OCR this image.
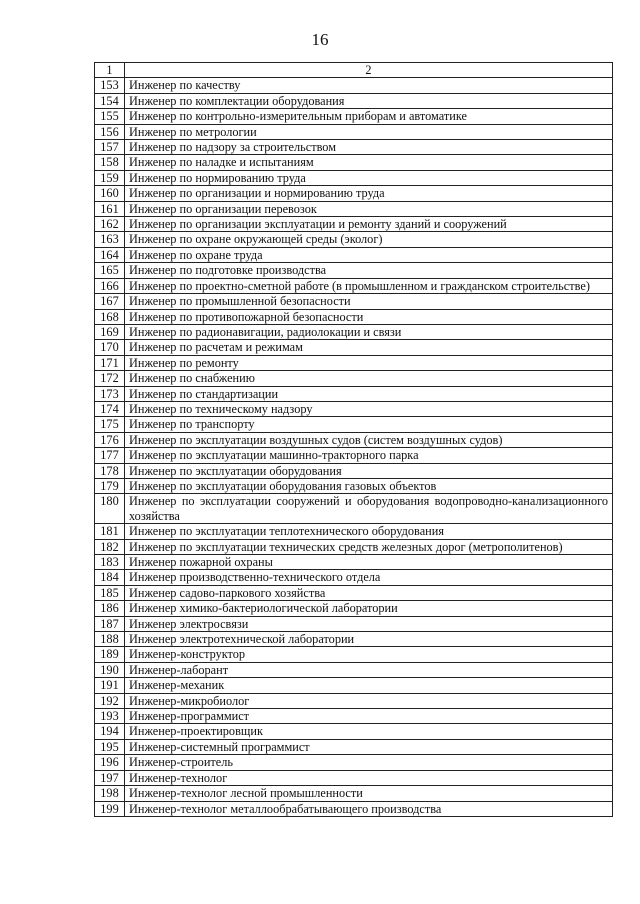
16
1	2
153	Инженер по качеству
154	Инженер по комплектации оборудования
155	Инженер по контрольно-измерительным приборам и автоматике
156	Инженер по метрологии
157	Инженер по надзору за строительством
158	Инженер по наладке и испытаниям
159	Инженер по нормированию труда
160	Инженер по организации и нормированию труда
161	Инженер по организации перевозок
162	Инженер по организации эксплуатации и ремонту зданий и сооружений
163	Инженер по охране окружающей среды (эколог)
164	Инженер по охране труда
165	Инженер по подготовке производства
166	Инженер по проектно-сметной работе (в промышленном и гражданском строительстве)
167	Инженер по промышленной безопасности
168	Инженер по противопожарной безопасности
169	Инженер по радионавигации, радиолокации и связи
170	Инженер по расчетам и режимам
171	Инженер по ремонту
172	Инженер по снабжению
173	Инженер по стандартизации
174	Инженер по техническому надзору
175	Инженер по транспорту
176	Инженер по эксплуатации воздушных судов (систем воздушных судов)
177	Инженер по эксплуатации машинно-тракторного парка
178	Инженер по эксплуатации оборудования
179	Инженер по эксплуатации оборудования газовых объектов
180	Инженер по эксплуатации сооружений и оборудования водопроводно-канализационного хозяйства
181	Инженер по эксплуатации теплотехнического оборудования
182	Инженер по эксплуатации технических средств железных дорог (метрополитенов)
183	Инженер пожарной охраны
184	Инженер производственно-технического отдела
185	Инженер садово-паркового хозяйства
186	Инженер химико-бактериологической лаборатории
187	Инженер электросвязи
188	Инженер электротехнической лаборатории
189	Инженер-конструктор
190	Инженер-лаборант
191	Инженер-механик
192	Инженер-микробиолог
193	Инженер-программист
194	Инженер-проектировщик
195	Инженер-системный программист
196	Инженер-строитель
197	Инженер-технолог
198	Инженер-технолог лесной промышленности
199	Инженер-технолог металлообрабатывающего производства
